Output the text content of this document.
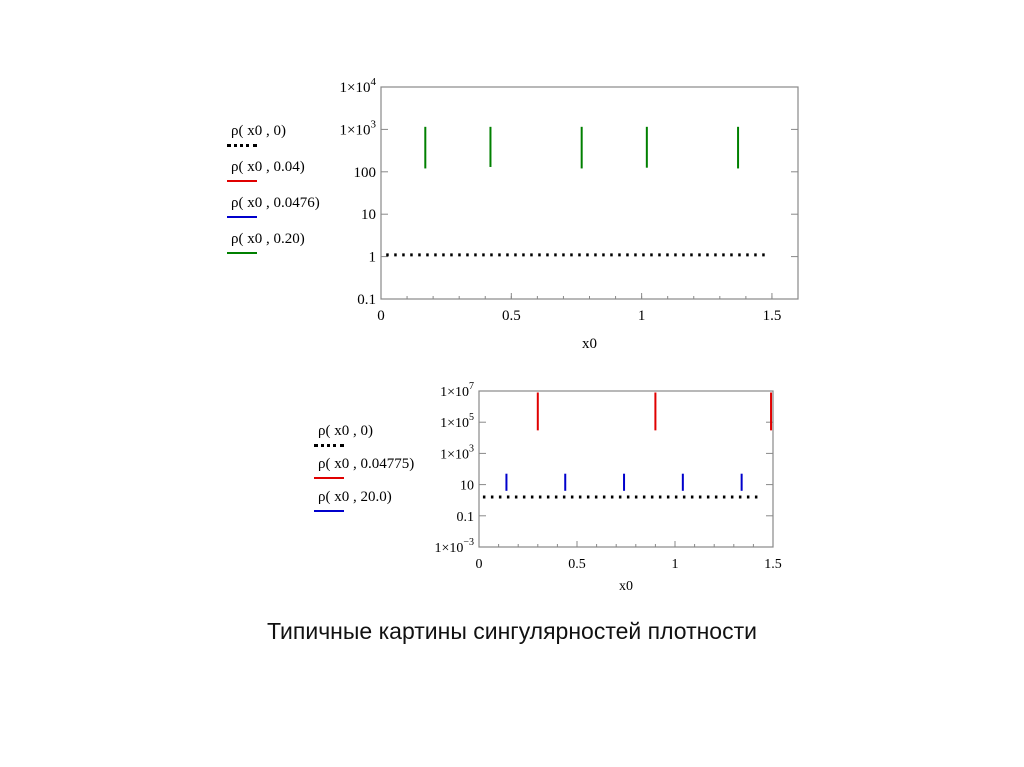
$1\times 10^4$
$1\times 10^3$
100
10
1
0.1
0	0.5	1	1.5
x0
$1\times 10^7$
$1\times 10^5$
$1\times 10^3$
10
0.1
$1\times 10^{-3}$
0	0.5	1	1.5
x0
ρ( x0 , 0)
ρ( x0 , 0.04)
ρ( x0 , 0.0476)
ρ( x0 , 0.20)
ρ( x0 , 0)
ρ( x0 , 0.04775)
ρ( x0 , 20.0)
Типичные картины сингулярностей плотности
